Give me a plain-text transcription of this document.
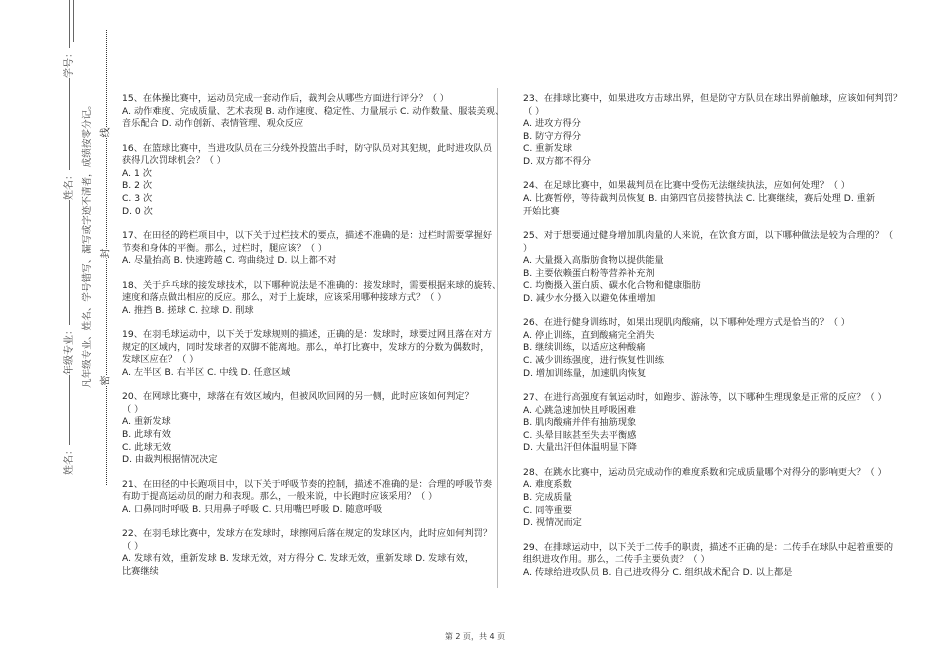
姓名：年级专业：姓名：学号：
凡年级专业、姓名、学号错写、漏写或字迹不清者，成绩按零分记。 密
封
线
15、在体操比赛中，运动员完成一套动作后，裁判会从哪些方面进行评分？（ ）
A. 动作难度、完成质量、艺术表现 B. 动作速度、稳定性、力量展示 C. 动作数量、服装美观、
音乐配合 D. 动作创新、表情管理、观众反应
16、在篮球比赛中，当进攻队员在三分线外投篮出手时，防守队员对其犯规，此时进攻队员
获得几次罚球机会？（ ）
A. 1 次
B. 2 次
C. 3 次
D. 0 次
17、在田径的跨栏项目中，以下关于过栏技术的要点，描述不准确的是：过栏时需要掌握好
节奏和身体的平衡。那么，过栏时，腿应该？（ ）
A. 尽量抬高 B. 快速跨越 C. 弯曲绕过 D. 以上都不对
18、关于乒乓球的接发球技术，以下哪种说法是不准确的：接发球时，需要根据来球的旋转、
速度和落点做出相应的反应。那么，对于上旋球，应该采用哪种接球方式？（ ）
A. 推挡 B. 搓球 C. 拉球 D. 削球
19、在羽毛球运动中，以下关于发球规则的描述，正确的是：发球时，球要过网且落在对方
规定的区域内，同时发球者的双脚不能离地。那么，单打比赛中，发球方的分数为偶数时，
发球区应在？（ ）
A. 左半区 B. 右半区 C. 中线 D. 任意区域
20、在网球比赛中，球落在有效区域内，但被风吹回网的另一侧，此时应该如何判定？
（ ）
A. 重新发球
B. 此球有效
C. 此球无效
D. 由裁判根据情况决定
21、在田径的中长跑项目中，以下关于呼吸节奏的控制，描述不准确的是：合理的呼吸节奏
有助于提高运动员的耐力和表现。那么，一般来说，中长跑时应该采用？（ ）
A. 口鼻同时呼吸 B. 只用鼻子呼吸 C. 只用嘴巴呼吸 D. 随意呼吸
22、在羽毛球比赛中，发球方在发球时，球擦网后落在规定的发球区内，此时应如何判罚？
（ ）
A. 发球有效，重新发球 B. 发球无效，对方得分 C. 发球无效，重新发球 D. 发球有效，
比赛继续
23、在排球比赛中，如果进攻方击球出界，但是防守方队员在球出界前触球，应该如何判罚？
（ ）
A. 进攻方得分
B. 防守方得分
C. 重新发球
D. 双方都不得分
24、在足球比赛中，如果裁判员在比赛中受伤无法继续执法，应如何处理？（ ）
A. 比赛暂停，等待裁判员恢复 B. 由第四官员接替执法 C. 比赛继续，赛后处理 D. 重新
开始比赛
25、对于想要通过健身增加肌肉量的人来说，在饮食方面，以下哪种做法是较为合理的？（
）
A. 大量摄入高脂肪食物以提供能量
B. 主要依赖蛋白粉等营养补充剂
C. 均衡摄入蛋白质、碳水化合物和健康脂肪
D. 减少水分摄入以避免体重增加
26、在进行健身训练时，如果出现肌肉酸痛，以下哪种处理方式是恰当的？（ ）
A. 停止训练，直到酸痛完全消失
B. 继续训练，以适应这种酸痛
C. 减少训练强度，进行恢复性训练
D. 增加训练量，加速肌肉恢复
27、在进行高强度有氧运动时，如跑步、游泳等，以下哪种生理现象是正常的反应？（ ）
A. 心跳急速加快且呼吸困难
B. 肌肉酸痛并伴有抽筋现象
C. 头晕目眩甚至失去平衡感
D. 大量出汗但体温明显下降
28、在跳水比赛中，运动员完成动作的难度系数和完成质量哪个对得分的影响更大？（ ）
A. 难度系数
B. 完成质量
C. 同等重要
D. 视情况而定
29、在排球运动中，以下关于二传手的职责，描述不正确的是：二传手在球队中起着重要的
组织进攻作用。那么，二传手主要负责？（ ）
A. 传球给进攻队员 B. 自己进攻得分 C. 组织战术配合 D. 以上都是
第 2 页，共 4 页
